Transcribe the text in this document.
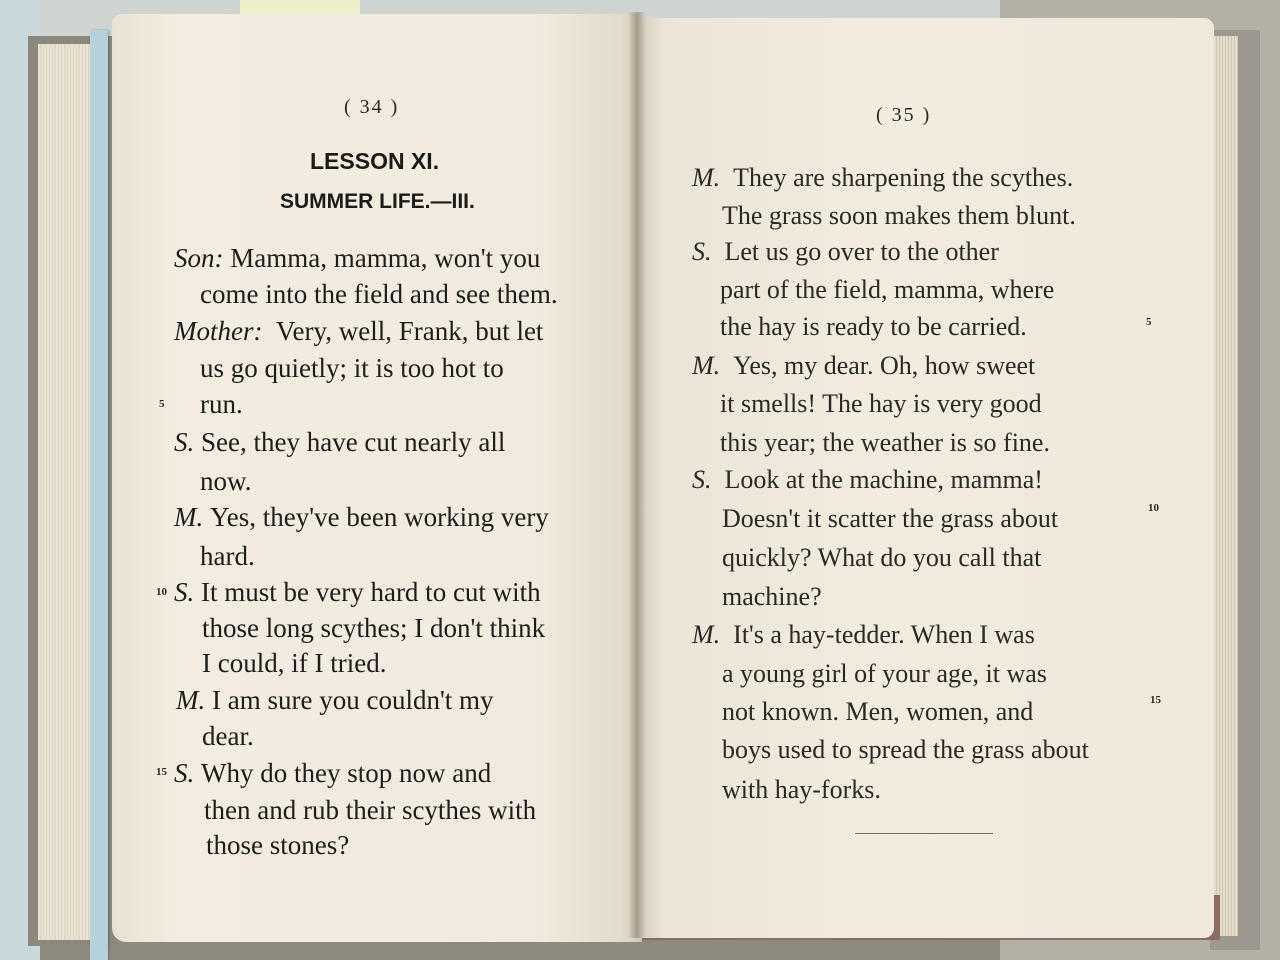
( 34 )
LESSON XI.
SUMMER LIFE.—III.
Son: Mamma, mamma, won't you
come into the field and see them.
Mother: Very, well, Frank, but let
us go quietly; it is too hot to
5 run.
S. See, they have cut nearly all
now.
M. Yes, they've been working very
hard.
10 S. It must be very hard to cut with
those long scythes; I don't think
I could, if I tried.
M. I am sure you couldn't my
dear.
15 S. Why do they stop now and
then and rub their scythes with
those stones?
( 35 )
M. They are sharpening the scythes.
The grass soon makes them blunt.
S. Let us go over to the other
part of the field, mamma, where
the hay is ready to be carried.	5
M. Yes, my dear. Oh, how sweet
it smells! The hay is very good
this year; the weather is so fine.
S. Look at the machine, mamma!
Doesn't it scatter the grass about	10
quickly? What do you call that
machine?
M. It's a hay-tedder. When I was
a young girl of your age, it was
not known. Men, women, and	15
boys used to spread the grass about
with hay-forks.
